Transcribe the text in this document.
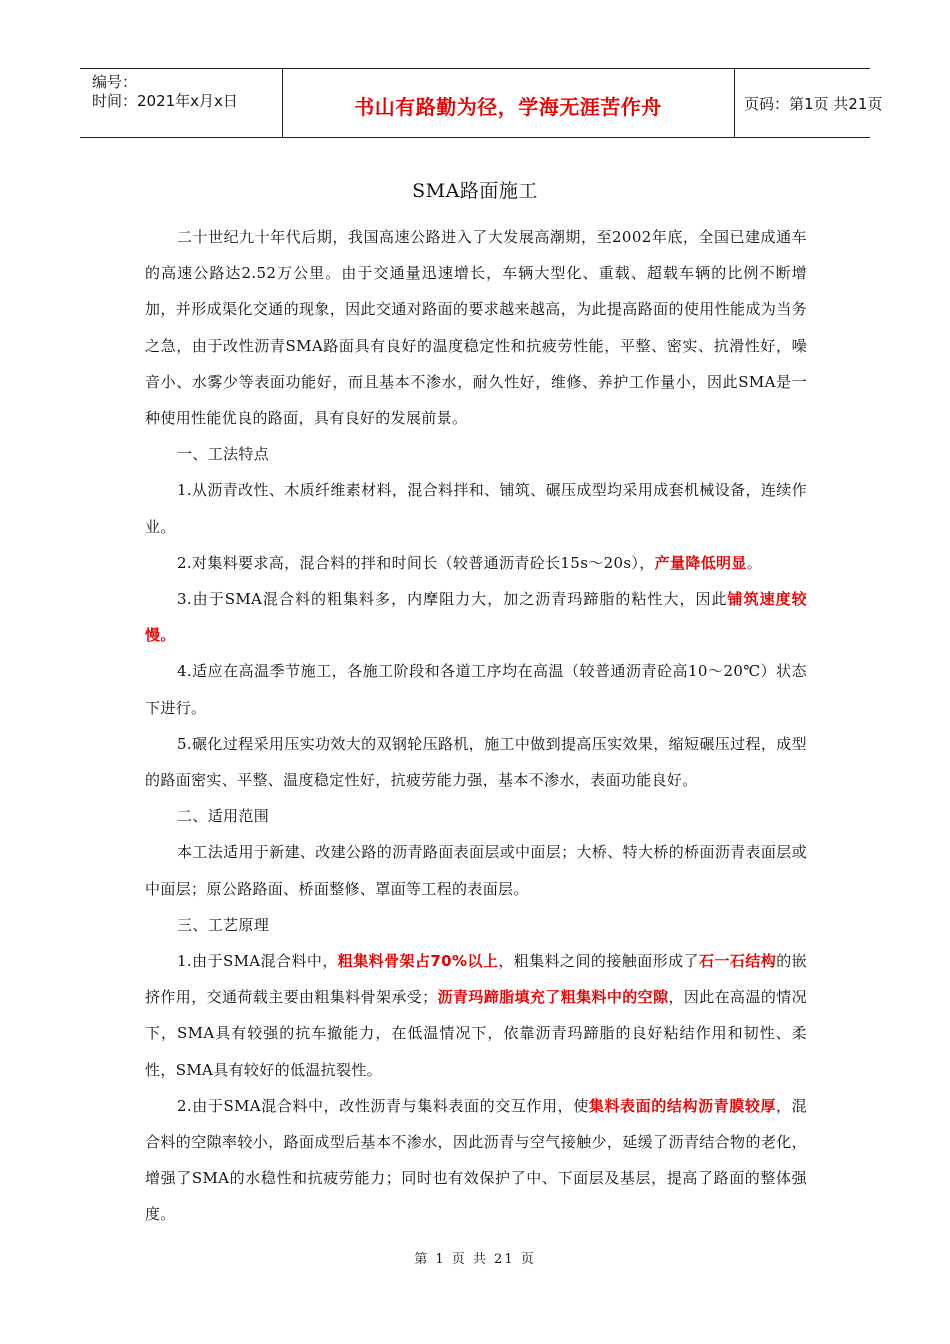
编号：
时间：2021年x月x日	书山有路勤为径，学海无涯苦作舟	页码：第1页 共21页
SMA路面施工

二十世纪九十年代后期，我国高速公路进入了大发展高潮期，至2002年底，全国已建成通车的高速公路达2.52万公里。由于交通量迅速增长，车辆大型化、重载、超载车辆的比例不断增加，并形成渠化交通的现象，因此交通对路面的要求越来越高，为此提高路面的使用性能成为当务之急，由于改性沥青SMA路面具有良好的温度稳定性和抗疲劳性能，平整、密实、抗滑性好，噪音小、水雾少等表面功能好，而且基本不渗水，耐久性好，维修、养护工作量小，因此SMA是一种使用性能优良的路面，具有良好的发展前景。

一、工法特点

1.从沥青改性、木质纤维素材料，混合料拌和、铺筑、碾压成型均采用成套机械设备，连续作业。

2.对集料要求高，混合料的拌和时间长（较普通沥青砼长15s～20s），产量降低明显。

3.由于SMA混合料的粗集料多，内摩阻力大，加之沥青玛蹄脂的粘性大，因此铺筑速度较慢。

4.适应在高温季节施工，各施工阶段和各道工序均在高温（较普通沥青砼高10～20℃）状态下进行。

5.碾化过程采用压实功效大的双钢轮压路机，施工中做到提高压实效果，缩短碾压过程，成型的路面密实、平整、温度稳定性好，抗疲劳能力强，基本不渗水，表面功能良好。

二、适用范围

本工法适用于新建、改建公路的沥青路面表面层或中面层；大桥、特大桥的桥面沥青表面层或中面层；原公路路面、桥面整修、罩面等工程的表面层。

三、工艺原理

1.由于SMA混合料中，粗集料骨架占70%以上，粗集料之间的接触面形成了石一石结构的嵌挤作用，交通荷载主要由粗集料骨架承受；沥青玛蹄脂填充了粗集料中的空隙，因此在高温的情况下，SMA具有较强的抗车撤能力，在低温情况下，依靠沥青玛蹄脂的良好粘结作用和韧性、柔性，SMA具有较好的低温抗裂性。

2.由于SMA混合料中，改性沥青与集料表面的交互作用，使集料表面的结构沥青膜较厚，混合料的空隙率较小，路面成型后基本不渗水，因此沥青与空气接触少，延缓了沥青结合物的老化，增强了SMA的水稳性和抗疲劳能力；同时也有效保护了中、下面层及基层，提高了路面的整体强度。

第 1 页 共 21 页
